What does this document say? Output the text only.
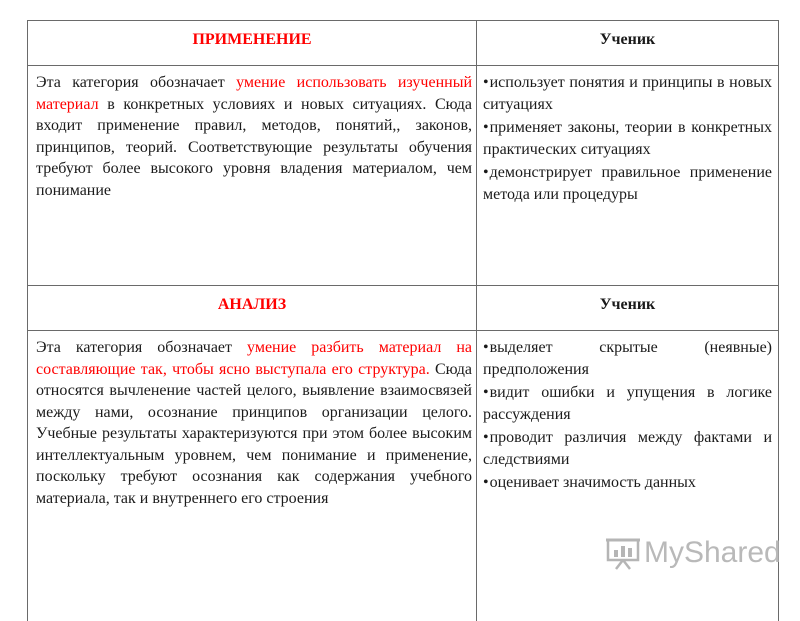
ПРИМЕНЕНИЕ	Ученик
Эта категория обозначает умение использовать изученный материал в конкретных условиях и новых ситуациях. Сюда входит применение правил, методов, понятий,, законов, принципов, теорий. Соответствующие результаты обучения требуют более высокого уровня владения материалом, чем понимание
• использует понятия и принципы в новых ситуациях
• применяет законы, теории в конкретных практических ситуациях
• демонстрирует правильное применение метода или процедуры
АНАЛИЗ	Ученик
Эта категория обозначает умение разбить материал на составляющие так, чтобы ясно выступала его структура. Сюда относятся вычленение частей целого, выявление взаимосвязей между нами, осознание принципов организации целого. Учебные результаты характеризуются при этом более высоким интеллектуальным уровнем, чем понимание и применение, поскольку требуют осознания как содержания учебного материала, так и внутреннего его строения
• выделяет скрытые (неявные) предположения
• видит ошибки и упущения в логике рассуждения
• проводит различия между фактами и следствиями
• оценивает значимость данных
MyShared
